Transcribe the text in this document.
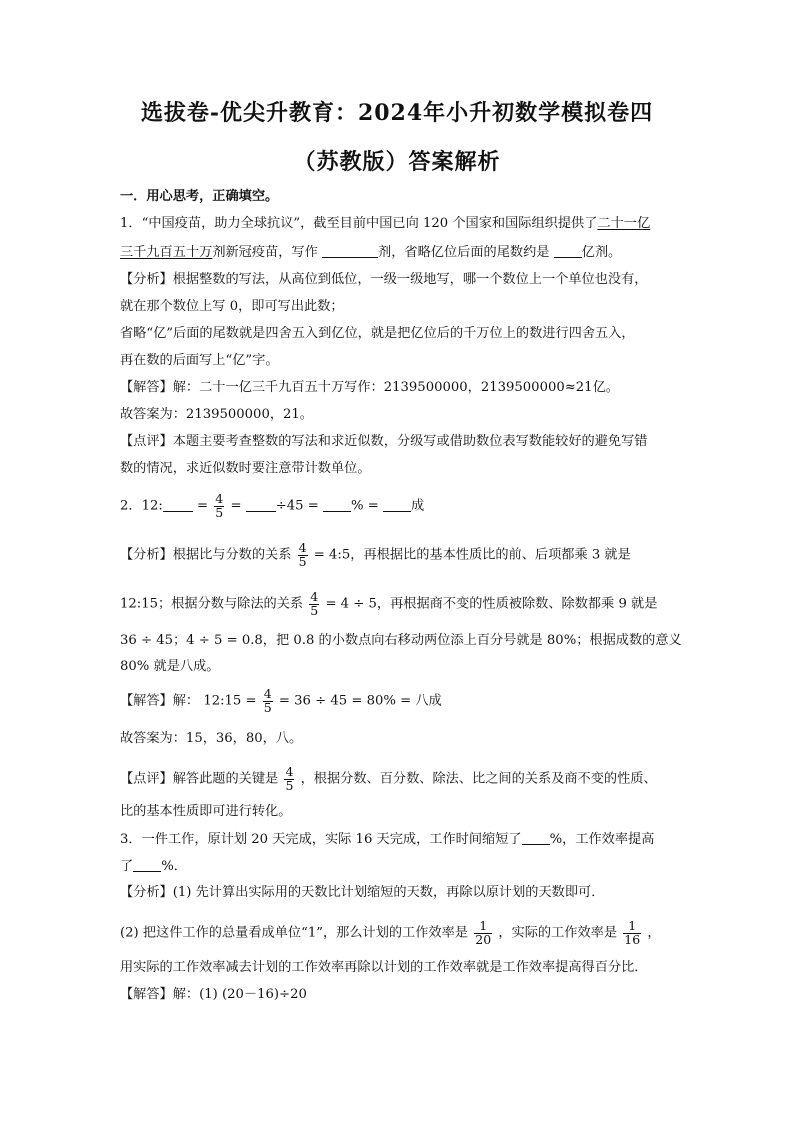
选拔卷-优尖升教育：2024年小升初数学模拟卷四
（苏教版）答案解析
一．用心思考，正确填空。
1．“中国疫苗，助力全球抗议”，截至目前中国已向 120 个国家和国际组织提供了二十一亿
三千九百五十万剂新冠疫苗，写作	剂，省略亿位后面的尾数约是 亿剂。
【分析】根据整数的写法，从高位到低位，一级一级地写，哪一个数位上一个单位也没有，
就在那个数位上写 0，即可写出此数；
省略“亿”后面的尾数就是四舍五入到亿位，就是把亿位后的千万位上的数进行四舍五入，
再在数的后面写上“亿”字。
【解答】解：二十一亿三千九百五十万写作：2139500000，2139500000≈21亿。
故答案为：2139500000，21。
【点评】本题主要考查整数的写法和求近似数，分级写或借助数位表写数能较好的避免写错
数的情况，求近似数时要注意带计数单位。
2．12:	= $\frac{4}{5}$ =	÷45 = % = 成
【分析】根据比与分数的关系 $\frac{4}{5}$ = 4:5，再根据比的基本性质比的前、后项都乘 3 就是
12:15；根据分数与除法的关系 $\frac{4}{5} = 4 \div 5$，再根据商不变的性质被除数、除数都乘 9 就是
36 ÷ 45；4 ÷ 5 = 0.8，把 0.8 的小数点向右移动两位添上百分号就是 80%；根据成数的意义
80% 就是八成。
【解答】解： 12:15 = $\frac{4}{5} = 36 \div 45 = 80\%$ = 八成
故答案为：15，36，80，八。
【点评】解答此题的关键是 $\frac{4}{5}$ ，根据分数、百分数、除法、比之间的关系及商不变的性质、
比的基本性质即可进行转化。
3．一件工作，原计划 20 天完成，实际 16 天完成，工作时间缩短了 %，工作效率提高
了 %．
【分析】(1) 先计算出实际用的天数比计划缩短的天数，再除以原计划的天数即可．
(2) 把这件工作的总量看成单位“1”，那么计划的工作效率是 $\frac{1}{20}$ ，实际的工作效率是 $\frac{1}{16}$ ，
用实际的工作效率减去计划的工作效率再除以计划的工作效率就是工作效率提高得百分比．
【解答】解：(1) (20－16)÷20
